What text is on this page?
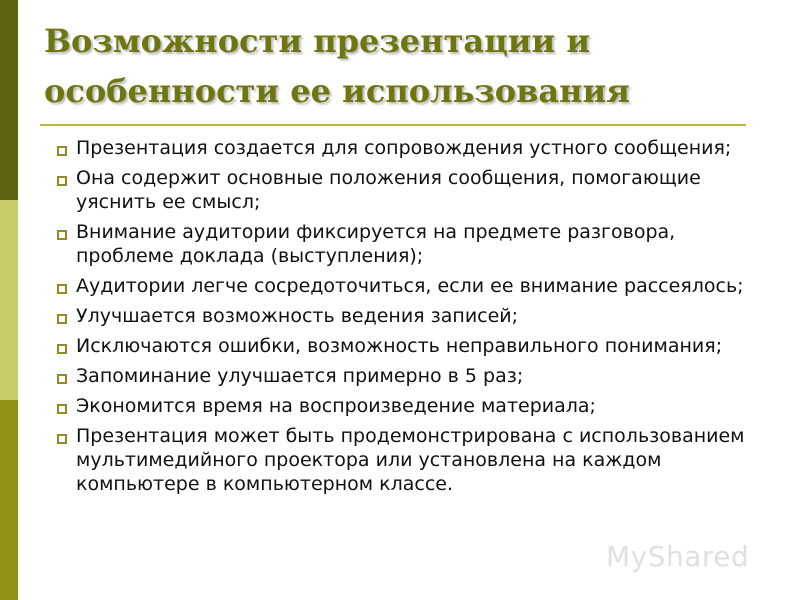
Возможности презентации и
особенности ее использования
Презентация создается для сопровождения устного сообщения;
Она содержит основные положения сообщения, помогающие уяснить ее смысл;
Внимание аудитории фиксируется на предмете разговора, проблеме доклада (выступления);
Аудитории легче сосредоточиться, если ее внимание рассеялось;
Улучшается возможность ведения записей;
Исключаются ошибки, возможность неправильного понимания;
Запоминание улучшается примерно в 5 раз;
Экономится время на воспроизведение материала;
Презентация может быть продемонстрирована с использованием мультимедийного проектора или установлена на каждом компьютере в компьютерном классе.
MyShared
